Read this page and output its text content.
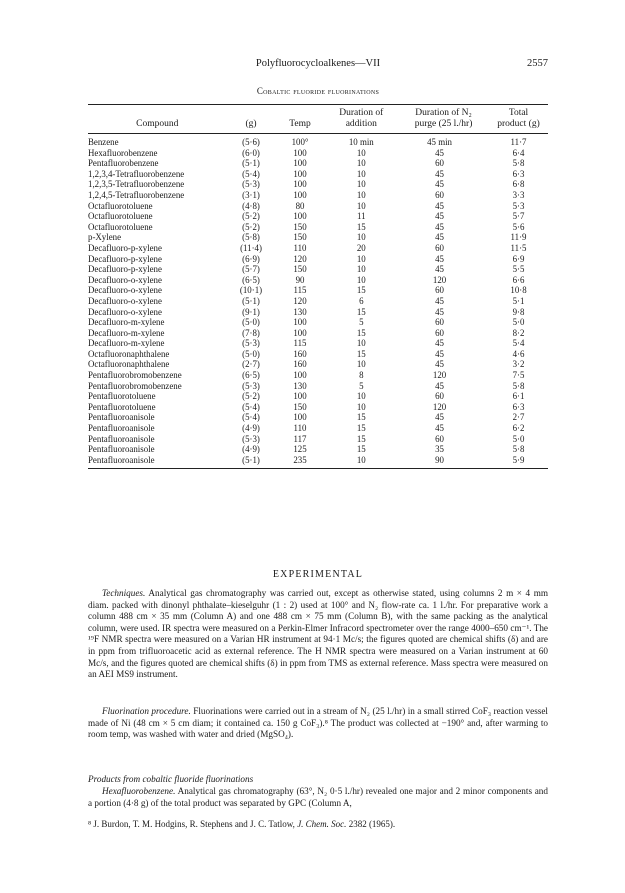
Polyfluorocycloalkenes—VII	2557
Cobaltic fluoride fluorinations

			Duration of	Duration of N₂	Total
Compound	(g)	Temp	addition	purge (25 l./hr)	product (g)
Benzene	(5·6)	100°	10 min	45 min	11·7
Hexafluorobenzene	(6·0)	100	10	45	6·4
Pentafluorobenzene	(5·1)	100	10	60	5·8
1,2,3,4-Tetrafluorobenzene	(5·4)	100	10	45	6·3
1,2,3,5-Tetrafluorobenzene	(5·3)	100	10	45	6·8
1,2,4,5-Tetrafluorobenzene	(3·1)	100	10	60	3·3
Octafluorotoluene	(4·8)	80	10	45	5·3
Octafluorotoluene	(5·2)	100	11	45	5·7
Octafluorotoluene	(5·2)	150	15	45	5·6
p-Xylene	(5·8)	150	10	45	11·9
Decafluoro-p-xylene	(11·4)	110	20	60	11·5
Decafluoro-p-xylene	(6·9)	120	10	45	6·9
Decafluoro-p-xylene	(5·7)	150	10	45	5·5
Decafluoro-o-xylene	(6·5)	90	10	120	6·6
Decafluoro-o-xylene	(10·1)	115	15	60	10·8
Decafluoro-o-xylene	(5·1)	120	6	45	5·1
Decafluoro-o-xylene	(9·1)	130	15	45	9·8
Decafluoro-m-xylene	(5·0)	100	5	60	5·0
Decafluoro-m-xylene	(7·8)	100	15	60	8·2
Decafluoro-m-xylene	(5·3)	115	10	45	5·4
Octafluoronaphthalene	(5·0)	160	15	45	4·6
Octafluoronaphthalene	(2·7)	160	10	45	3·2
Pentafluorobromobenzene	(6·5)	100	8	120	7·5
Pentafluorobromobenzene	(5·3)	130	5	45	5·8
Pentafluorotoluene	(5·2)	100	10	60	6·1
Pentafluorotoluene	(5·4)	150	10	120	6·3
Pentafluoroanisole	(5·4)	100	15	45	2·7
Pentafluoroanisole	(4·9)	110	15	45	6·2
Pentafluoroanisole	(5·3)	117	15	60	5·0
Pentafluoroanisole	(4·9)	125	15	35	5·8
Pentafluoroanisole	(5·1)	235	10	90	5·9
EXPERIMENTAL

Techniques. Analytical gas chromatography was carried out, except as otherwise stated, using columns 2 m × 4 mm diam. packed with dinonyl phthalate–kieselguhr (1 : 2) used at 100° and N₂ flow-rate ca. 1 l./hr. For preparative work a column 488 cm × 35 mm (Column A) and one 488 cm × 75 mm (Column B), with the same packing as the analytical column, were used. IR spectra were measured on a Perkin-Elmer Infracord spectrometer over the range 4000–650 cm⁻¹. The ¹⁹F NMR spectra were measured on a Varian HR instrument at 94·1 Mc/s; the figures quoted are chemical shifts (δ) and are in ppm from trifluoroacetic acid as external reference. The H NMR spectra were measured on a Varian instrument at 60 Mc/s, and the figures quoted are chemical shifts (δ) in ppm from TMS as external reference. Mass spectra were measured on an AEI MS9 instrument.

Fluorination procedure. Fluorinations were carried out in a stream of N₂ (25 l./hr) in a small stirred CoF₃ reaction vessel made of Ni (48 cm × 5 cm diam; it contained ca. 150 g CoF₃).⁸ The product was collected at −190° and, after warming to room temp, was washed with water and dried (MgSO₄).

Products from cobaltic fluoride fluorinations

Hexafluorobenzene. Analytical gas chromatography (63°, N₂ 0·5 l./hr) revealed one major and 2 minor components and a portion (4·8 g) of the total product was separated by GPC (Column A,

⁸ J. Burdon, T. M. Hodgins, R. Stephens and J. C. Tatlow, J. Chem. Soc. 2382 (1965).
